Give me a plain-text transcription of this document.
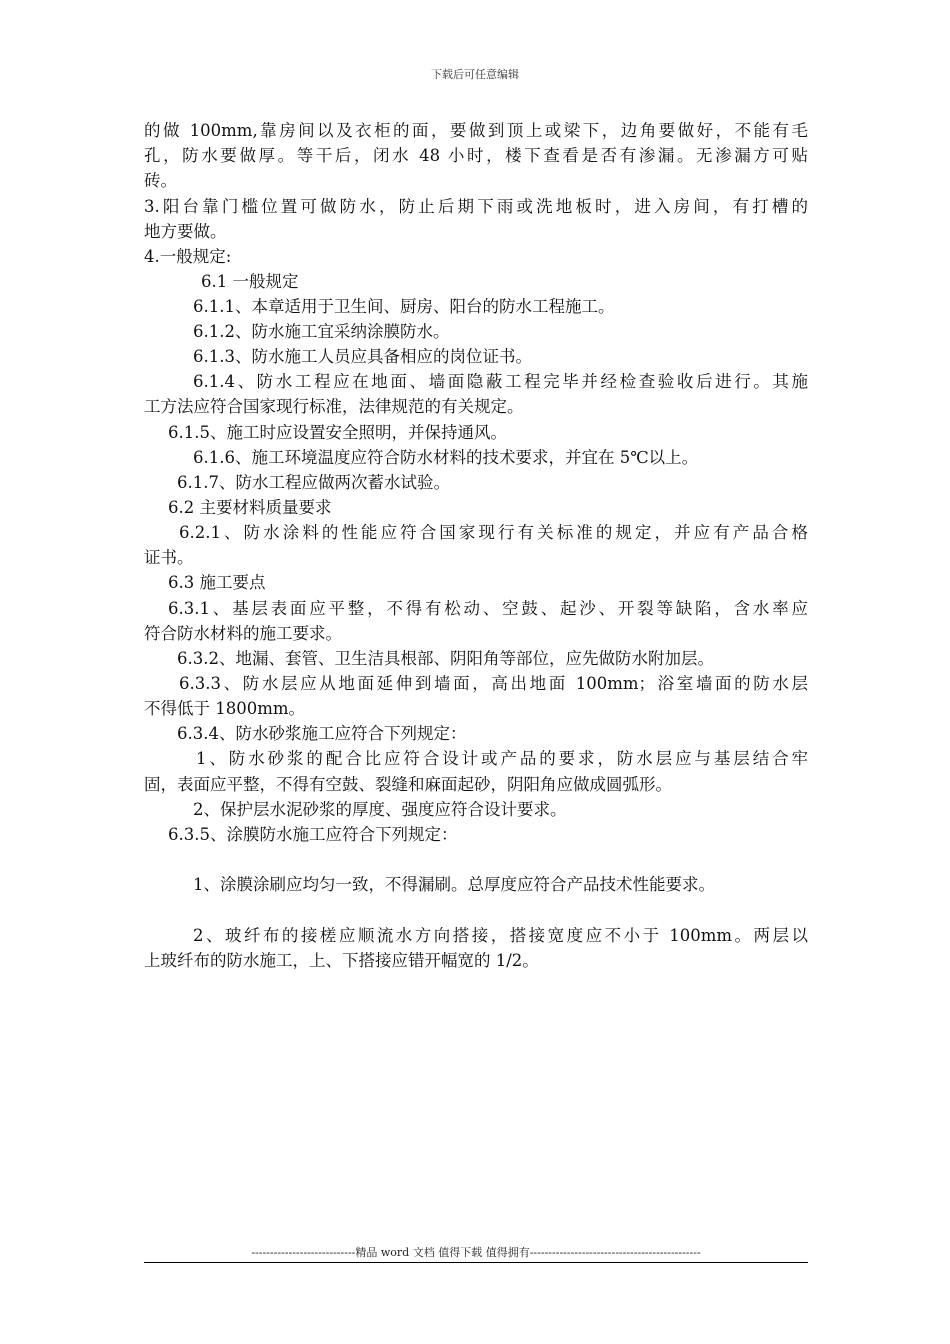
下载后可任意编辑
的做 100mm,靠房间以及衣柜的面，要做到顶上或梁下，边角要做好，不能有毛
孔，防水要做厚。等干后，闭水 48 小时，楼下查看是否有渗漏。无渗漏方可贴
砖。
3.阳台靠门槛位置可做防水，防止后期下雨或洗地板时，进入房间，有打槽的
地方要做。
4.一般规定:
6.1 一般规定
6.1.1、本章适用于卫生间、厨房、阳台的防水工程施工。
6.1.2、防水施工宜采纳涂膜防水。
6.1.3、防水施工人员应具备相应的岗位证书。
6.1.4、防水工程应在地面、墙面隐蔽工程完毕并经检查验收后进行。其施
工方法应符合国家现行标准，法律规范的有关规定。
6.1.5、施工时应设置安全照明，并保持通风。
6.1.6、施工环境温度应符合防水材料的技术要求，并宜在 5℃以上。
6.1.7、防水工程应做两次蓄水试验。
6.2 主要材料质量要求
6.2.1、防水涂料的性能应符合国家现行有关标准的规定，并应有产品合格
证书。
6.3 施工要点
6.3.1、基层表面应平整，不得有松动、空鼓、起沙、开裂等缺陷，含水率应
符合防水材料的施工要求。
6.3.2、地漏、套管、卫生洁具根部、阴阳角等部位，应先做防水附加层。
6.3.3、防水层应从地面延伸到墙面，高出地面 100mm；浴室墙面的防水层
不得低于 1800mm。
6.3.4、防水砂浆施工应符合下列规定：
1、防水砂浆的配合比应符合设计或产品的要求，防水层应与基层结合牢
固，表面应平整，不得有空鼓、裂缝和麻面起砂，阴阳角应做成圆弧形。
2、保护层水泥砂浆的厚度、强度应符合设计要求。
6.3.5、涂膜防水施工应符合下列规定：
1、涂膜涂刷应均匀一致，不得漏刷。总厚度应符合产品技术性能要求。
2、玻纤布的接槎应顺流水方向搭接，搭接宽度应不小于 100mm。两层以
上玻纤布的防水施工，上、下搭接应错开幅宽的 1/2。
----------------------------精品 word 文档 值得下载 值得拥有----------------------------------------------
